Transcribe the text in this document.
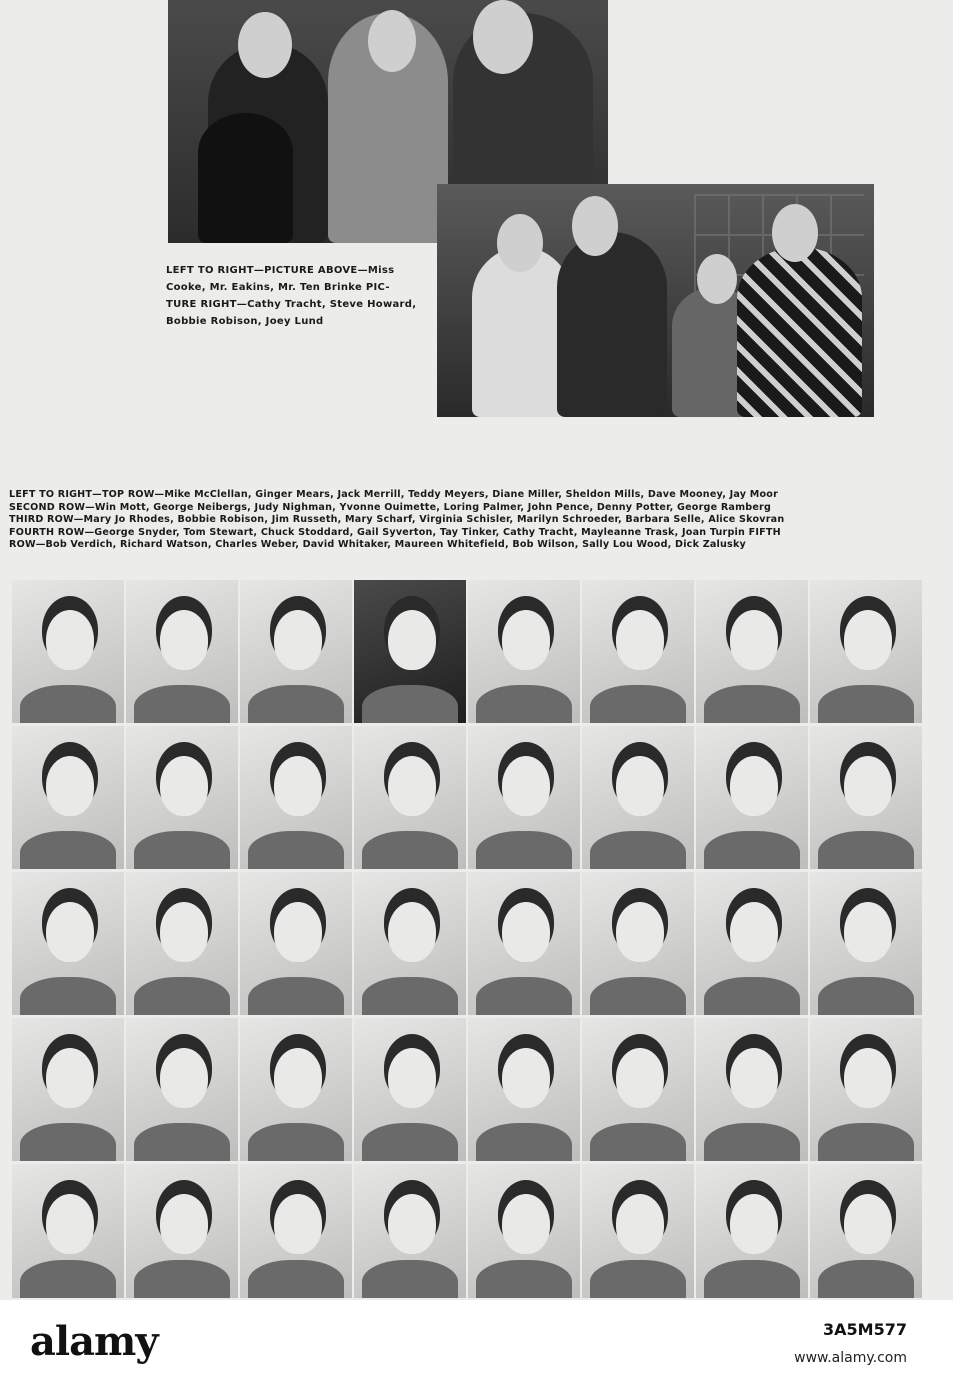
LEFT TO RIGHT—PICTURE ABOVE—Miss
Cooke, Mr. Eakins, Mr. Ten Brinke PIC-
TURE RIGHT—Cathy Tracht, Steve Howard,
Bobbie Robison, Joey Lund
LEFT TO RIGHT—TOP ROW—Mike McClellan, Ginger Mears, Jack Merrill, Teddy Meyers, Diane Miller, Sheldon Mills, Dave Mooney, Jay Moor
SECOND ROW—Win Mott, George Neibergs, Judy Nighman, Yvonne Ouimette, Loring Palmer, John Pence, Denny Potter, George Ramberg
THIRD ROW—Mary Jo Rhodes, Bobbie Robison, Jim Russeth, Mary Scharf, Virginia Schisler, Marilyn Schroeder, Barbara Selle, Alice Skovran
FOURTH ROW—George Snyder, Tom Stewart, Chuck Stoddard, Gail Syverton, Tay Tinker, Cathy Tracht, Mayleanne Trask, Joan Turpin FIFTH
ROW—Bob Verdich, Richard Watson, Charles Weber, David Whitaker, Maureen Whitefield, Bob Wilson, Sally Lou Wood, Dick Zalusky
alamy	3A5M577
www.alamy.com
